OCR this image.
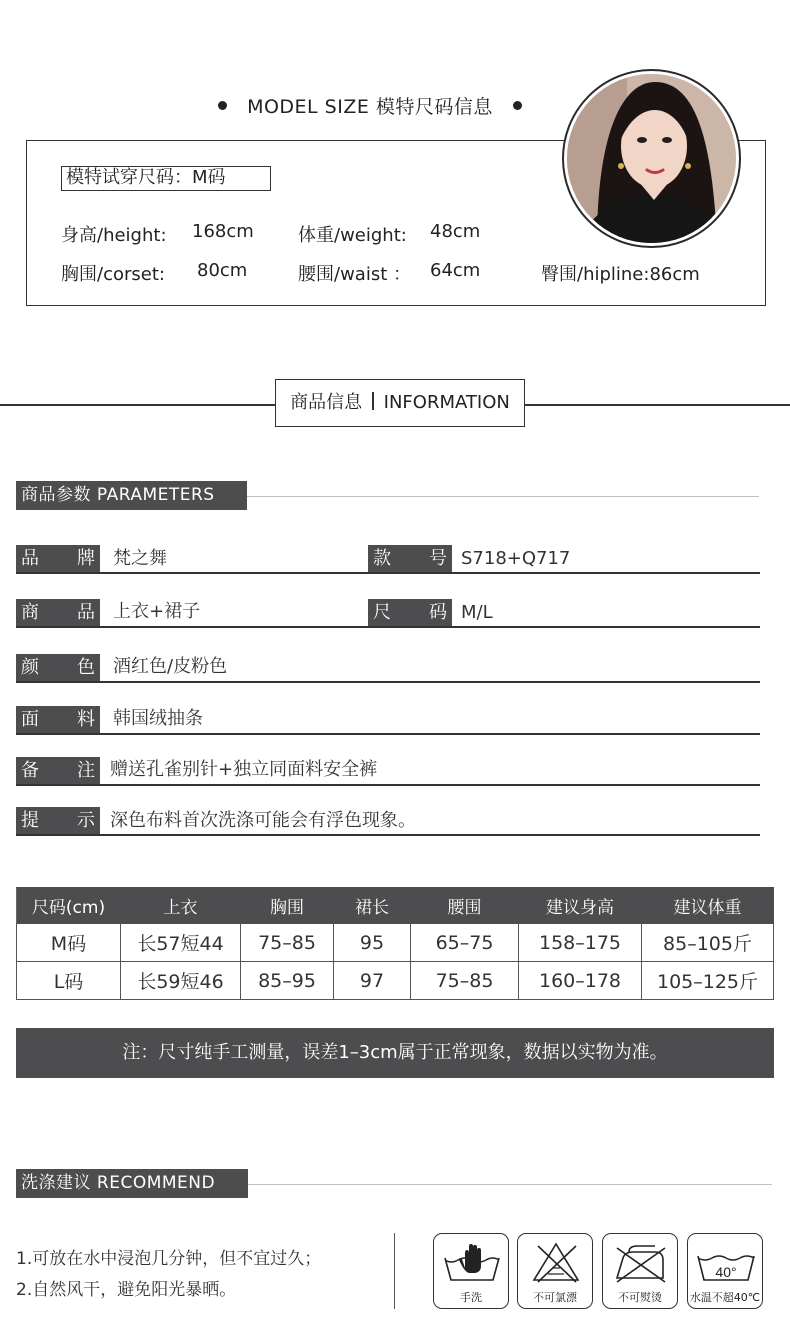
MODEL SIZE 模特尺码信息
模特试穿尺码：M码
身高/height: 168cm 体重/weight: 48cm
胸围/corset: 80cm	腰围/waist ： 64cm	臀围/hipline:86cm
商品信息 INFORMATION
商品参数 PARAMETERS
品 牌 梵之舞	款 号 S718+Q717
商 品 上衣+裙子	尺 码 M/L
颜 色 酒红色/皮粉色
面 料 韩国绒抽条
备 注 赠送孔雀别针+独立同面料安全裤
提 示 深色布料首次洗涤可能会有浮色现象。
尺码(cm)	上衣	胸围	裙长	腰围	建议身高	建议体重
M码	长57短44	75–85	95	65–75	158–175	85–105斤
L码	长59短46	85–95	97	75–85	160–178	105–125斤
注：尺寸纯手工测量，误差1–3cm属于正常现象，数据以实物为准。
洗涤建议 RECOMMEND
1.可放在水中浸泡几分钟，但不宜过久；
2.自然风干，避免阳光暴晒。	手洗	不可氯漂	不可熨烫
40°
水温不超40℃
